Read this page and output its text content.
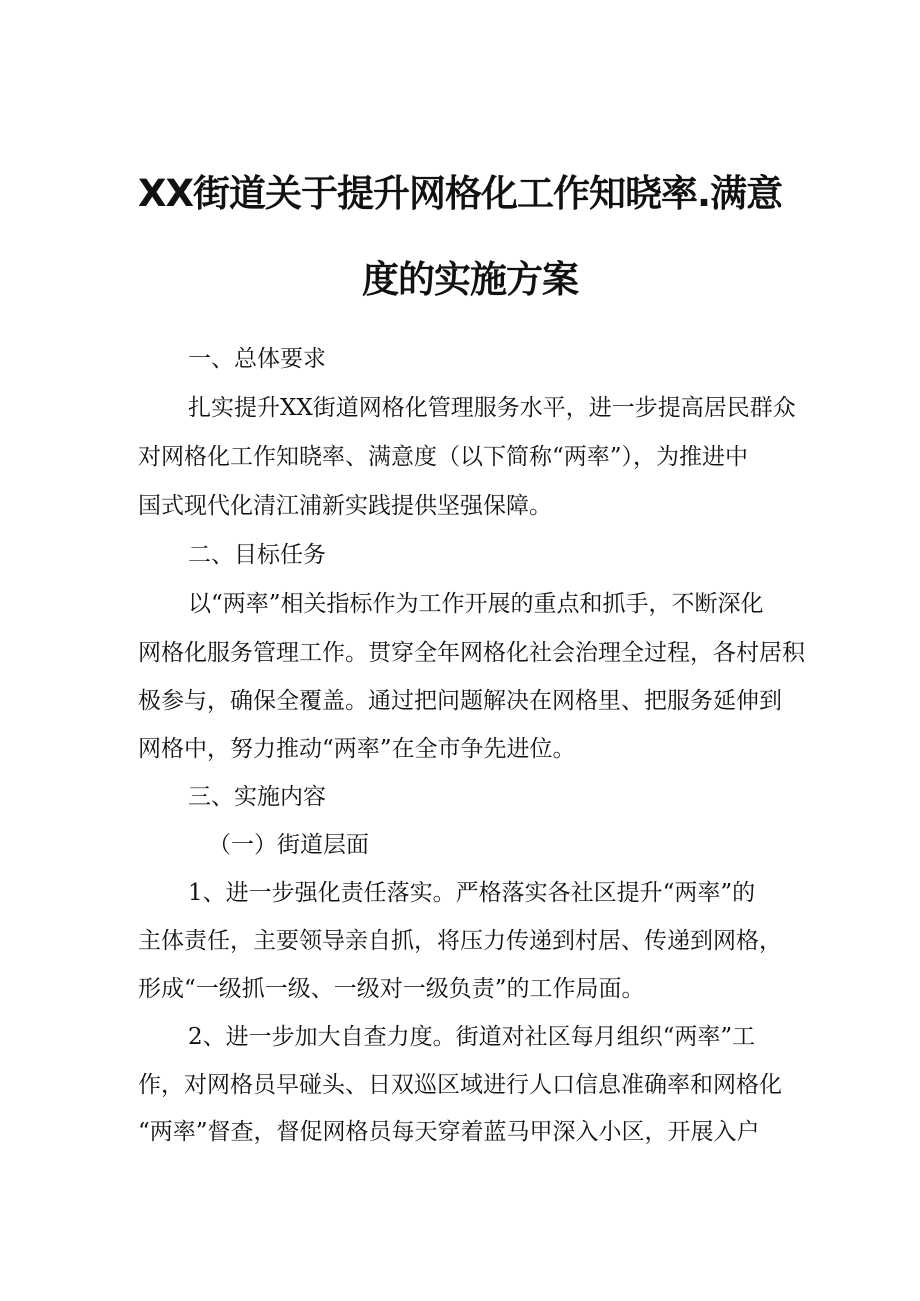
XX街道关于提升网格化工作知晓率.满意
度的实施方案
一、总体要求
扎实提升XX街道网格化管理服务水平，进一步提高居民群众
对网格化工作知晓率、满意度（以下简称“两率”），为推进中
国式现代化清江浦新实践提供坚强保障。
二、目标任务
以“两率”相关指标作为工作开展的重点和抓手，不断深化
网格化服务管理工作。贯穿全年网格化社会治理全过程，各村居积
极参与，确保全覆盖。通过把问题解决在网格里、把服务延伸到
网格中，努力推动“两率”在全市争先进位。
三、实施内容
（一）街道层面
1、进一步强化责任落实。严格落实各社区提升“两率”的
主体责任，主要领导亲自抓，将压力传递到村居、传递到网格，
形成“一级抓一级、一级对一级负责”的工作局面。
2、进一步加大自查力度。街道对社区每月组织“两率”工
作，对网格员早碰头、日双巡区域进行人口信息准确率和网格化
“两率”督查，督促网格员每天穿着蓝马甲深入小区，开展入户
